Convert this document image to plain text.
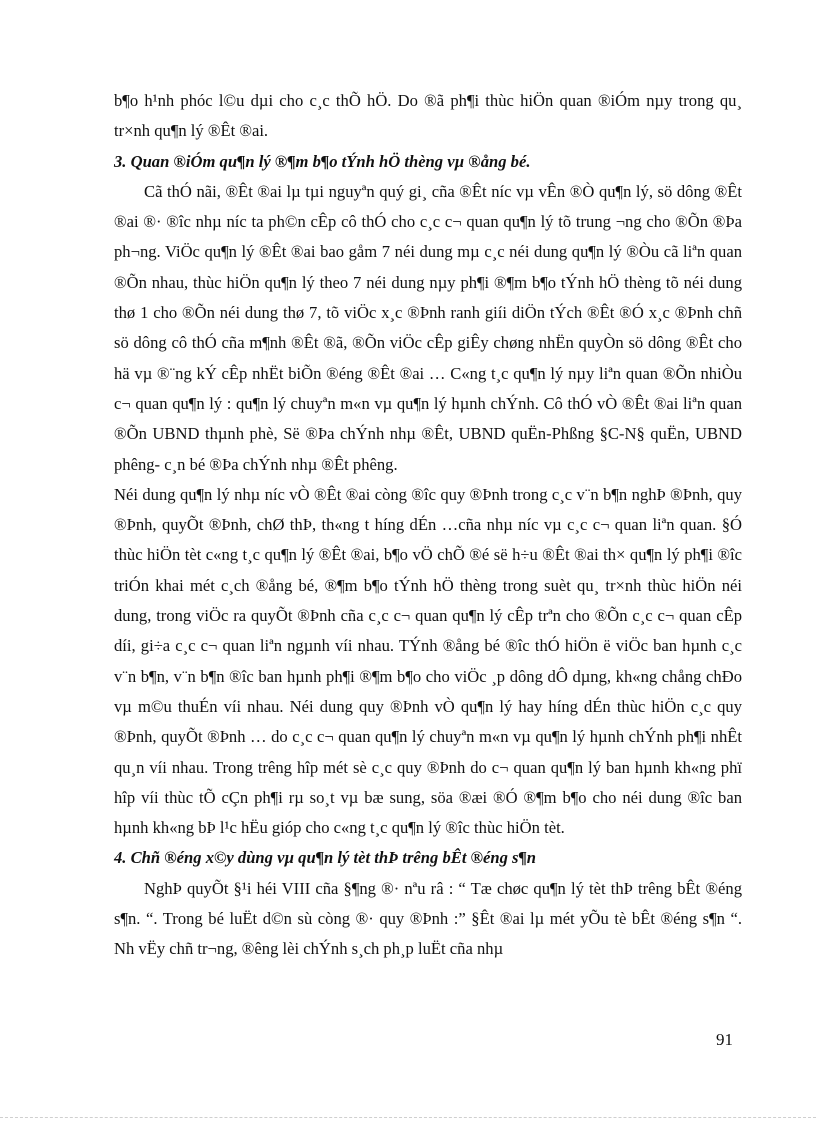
b¶o h¹nh phóc l©u dµi cho c¸c thÕ hÖ. Do ®ã ph¶i thùc hiÖn quan ®iÓm nµy trong qu¸ tr×nh qu¶n lý ®Êt ®ai.

3. Quan ®iÓm qu¶n lý ®¶m b¶o tÝnh hÖ thèng vµ ®ång bé.

Cã thÓ nãi, ®Êt ®ai lµ tµi nguyªn quý gi¸ cña ®Êt níc vµ vÊn ®Ò qu¶n lý, sö dông ®Êt ®ai ®· ®îc nhµ níc ta ph©n cÊp cô thÓ cho c¸c c¬ quan qu¶n lý tõ trung ¬ng cho ®Õn ®Þa ph¬ng. ViÖc qu¶n lý ®Êt ®ai bao gåm 7 néi dung mµ c¸c néi dung qu¶n lý ®Òu cã liªn quan ®Õn nhau, thùc hiÖn qu¶n lý theo 7 néi dung nµy ph¶i ®¶m b¶o tÝnh hÖ thèng tõ néi dung thø 1 cho ®Õn néi dung thø 7, tõ viÖc x¸c ®Þnh ranh giíi diÖn tÝch ®Êt ®Ó x¸c ®Þnh chñ sö dông cô thÓ cña m¶nh ®Êt ®ã, ®Õn viÖc cÊp giÊy chøng nhËn quyÒn sö dông ®Êt cho hä vµ ®¨ng kÝ cÊp nhËt biÕn ®éng ®Êt ®ai … C«ng t¸c qu¶n lý nµy liªn quan ®Õn nhiÒu c¬ quan qu¶n lý : qu¶n lý chuyªn m«n vµ qu¶n lý hµnh chÝnh. Cô thÓ vÒ ®Êt ®ai liªn quan ®Õn UBND thµnh phè, Së ®Þa chÝnh nhµ ®Êt, UBND quËn-Phßng §C-N§ quËn, UBND phêng- c¸n bé ®Þa chÝnh nhµ ®Êt phêng.

Néi dung qu¶n lý nhµ níc vÒ ®Êt ®ai còng ®îc quy ®Þnh trong c¸c v¨n b¶n nghÞ ®Þnh, quy ®Þnh, quyÕt ®Þnh, chØ thÞ, th«ng t híng dÉn …cña nhµ níc vµ c¸c c¬ quan liªn quan. §Ó thùc hiÖn tèt c«ng t¸c qu¶n lý ®Êt ®ai, b¶o vÖ chÕ ®é së h÷u ®Êt ®ai th× qu¶n lý ph¶i ®îc triÓn khai mét c¸ch ®ång bé, ®¶m b¶o tÝnh hÖ thèng trong suèt qu¸ tr×nh thùc hiÖn néi dung, trong viÖc ra quyÕt ®Þnh cña c¸c c¬ quan qu¶n lý cÊp trªn cho ®Õn c¸c c¬ quan cÊp díi, gi÷a c¸c c¬ quan liªn ngµnh víi nhau. TÝnh ®ång bé ®îc thÓ hiÖn ë viÖc ban hµnh c¸c v¨n b¶n, v¨n b¶n ®îc ban hµnh ph¶i ®¶m b¶o cho viÖc ¸p dông dÔ dµng, kh«ng chång chÐo vµ m©u thuÉn víi nhau. Néi dung quy ®Þnh vÒ qu¶n lý hay híng dÉn thùc hiÖn c¸c quy ®Þnh, quyÕt ®Þnh … do c¸c c¬ quan qu¶n lý chuyªn m«n vµ qu¶n lý hµnh chÝnh ph¶i nhÊt qu¸n víi nhau. Trong trêng hîp mét sè c¸c quy ®Þnh do c¬ quan qu¶n lý ban hµnh kh«ng phï hîp víi thùc tÕ cÇn ph¶i rµ so¸t vµ bæ sung, söa ®æi ®Ó ®¶m b¶o cho néi dung ®îc ban hµnh kh«ng bÞ l¹c hËu gióp cho c«ng t¸c qu¶n lý ®îc thùc hiÖn tèt.

4. Chñ ®éng x©y dùng vµ qu¶n lý tèt thÞ trêng bÊt ®éng s¶n

NghÞ quyÕt §¹i héi VIII cña §¶ng ®· nªu râ : “ Tæ chøc qu¶n lý tèt thÞ trêng bÊt ®éng s¶n. “. Trong bé luËt d©n sù còng ®· quy ®Þnh :” §Êt ®ai lµ mét yÕu tè bÊt ®éng s¶n “. Nh vËy chñ tr¬ng, ®êng lèi chÝnh s¸ch ph¸p luËt cña nhµ

91
